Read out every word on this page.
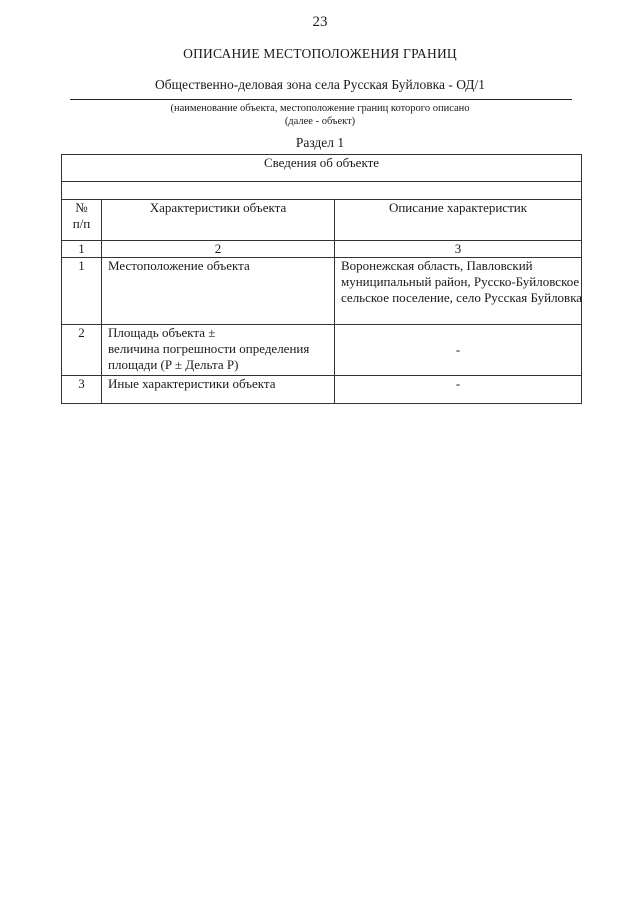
23
ОПИСАНИЕ МЕСТОПОЛОЖЕНИЯ ГРАНИЦ
Общественно-деловая зона села Русская Буйловка - ОД/1
(наименование объекта, местоположение границ которого описано
(далее - объект)
Раздел 1
Сведения об объекте		

№
п/п	Характеристики объекта	Описание характеристик
1	2	3
1	Местоположение объекта	Воронежская область, Павловский
муниципальный район, Русско-Буйловское
сельское поселение, село Русская Буйловка

2	Площадь объекта ±
величина погрешности определения
площади (P ± Дельта P)	-
3	Иные характеристики объекта	-
